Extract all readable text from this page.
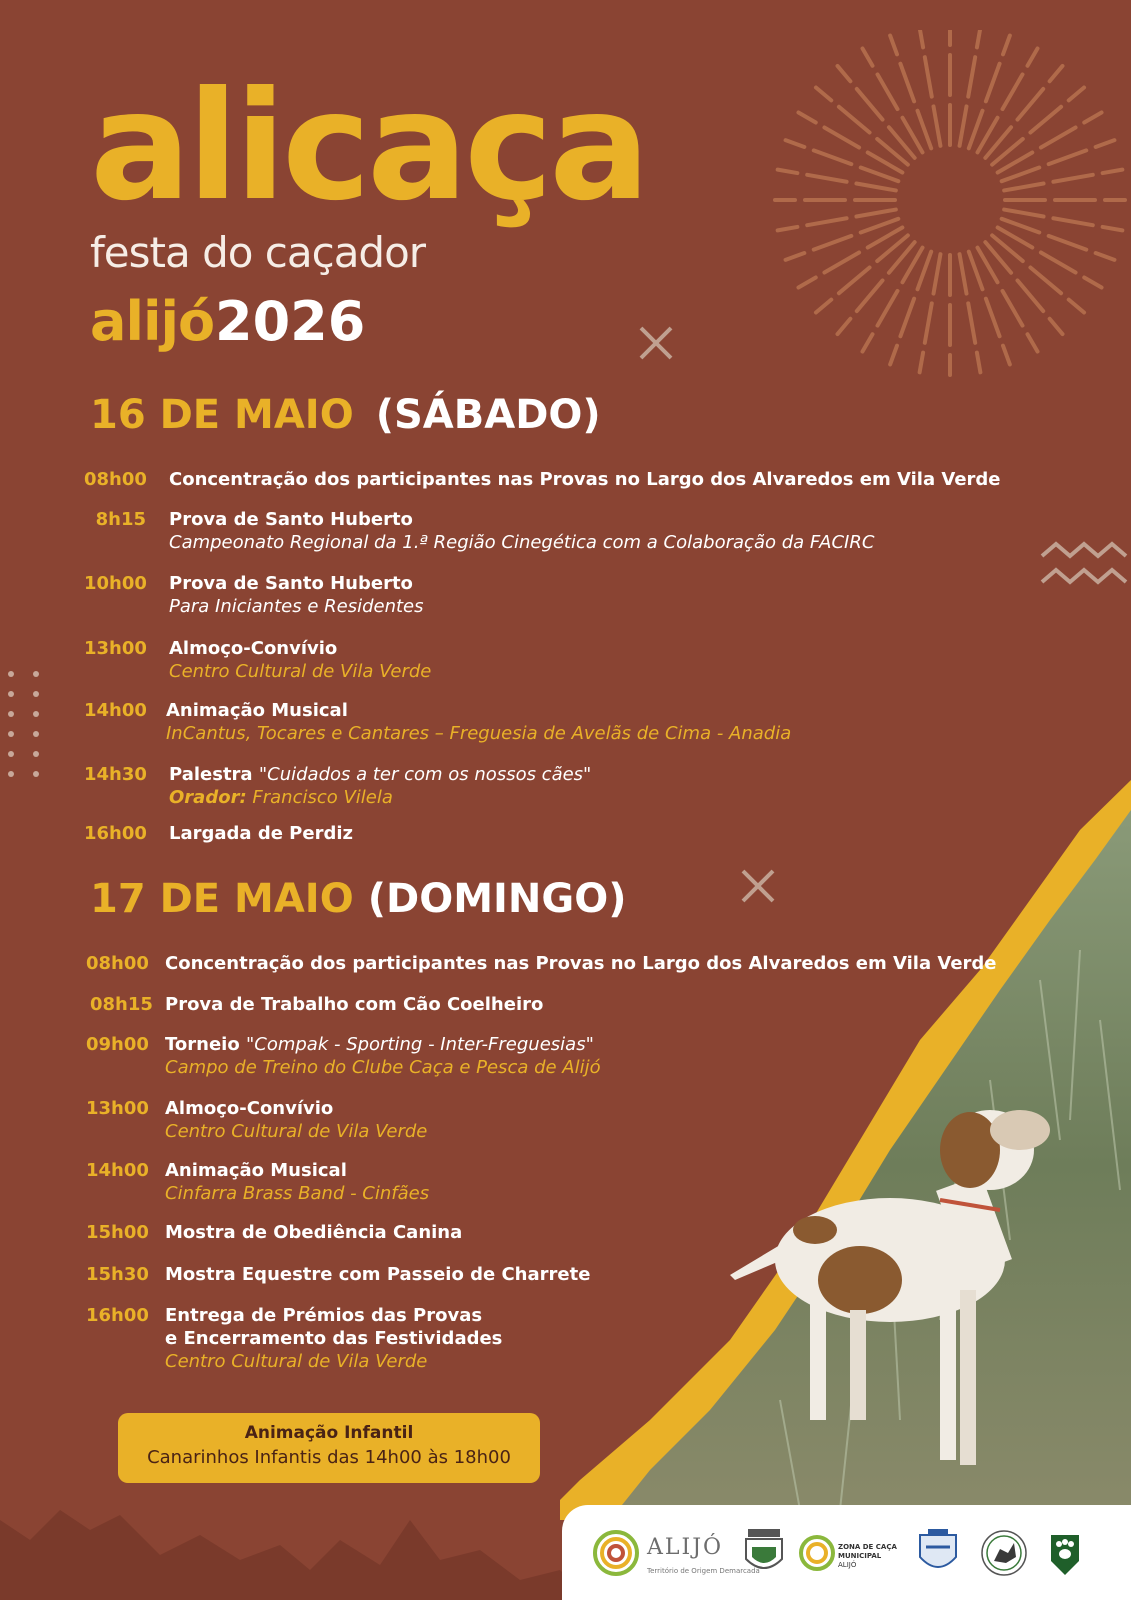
alicaça
festa do caçador
alijó 2026
16 DE MAIO (SÁBADO)
08h00 Concentração dos participantes nas Provas no Largo dos Alvaredos em Vila Verde
8h15 Prova de Santo Huberto
Campeonato Regional da 1.ª Região Cinegética com a Colaboração da FACIRC
10h00 Prova de Santo Huberto
Para Iniciantes e Residentes
13h00 Almoço-Convívio
Centro Cultural de Vila Verde
14h00 Animação Musical
InCantus, Tocares e Cantares – Freguesia de Avelãs de Cima - Anadia
14h30 Palestra "Cuidados a ter com os nossos cães"
Orador: Francisco Vilela
16h00 Largada de Perdiz
17 DE MAIO (DOMINGO)
08h00 Concentração dos participantes nas Provas no Largo dos Alvaredos em Vila Verde
08h15 Prova de Trabalho com Cão Coelheiro
09h00 Torneio "Compak - Sporting - Inter-Freguesias"
Campo de Treino do Clube Caça e Pesca de Alijó
13h00 Almoço-Convívio
Centro Cultural de Vila Verde
14h00 Animação Musical
Cinfarra Brass Band - Cinfães
15h00 Mostra de Obediência Canina
15h30 Mostra Equestre com Passeio de Charrete
16h00 Entrega de Prémios das Provas
e Encerramento das Festividades
Centro Cultural de Vila Verde
Animação Infantil
Canarinhos Infantis das 14h00 às 18h00
ALIJÓ
Território de Origem Demarcada
ZONA DE CAÇA
MUNICIPAL
ALIJÓ
